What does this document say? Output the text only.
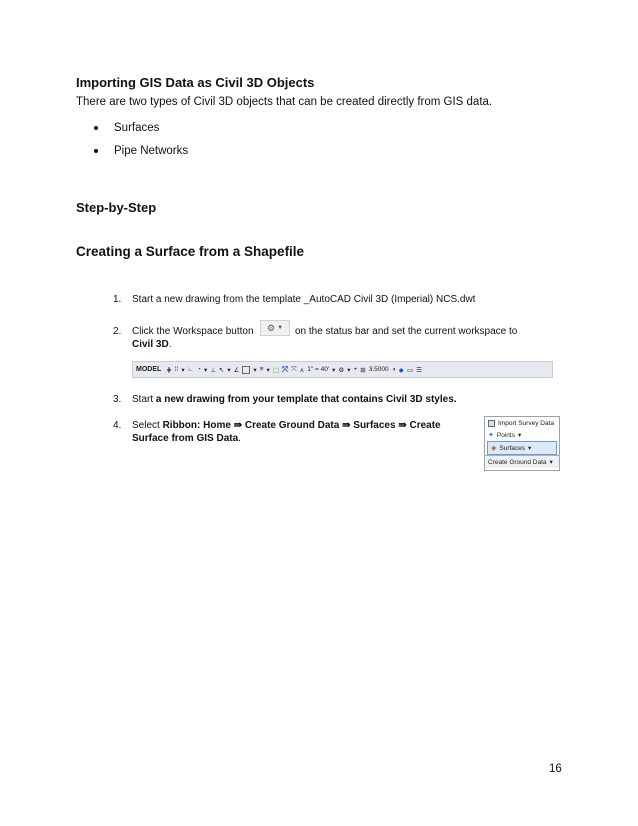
Importing GIS Data as Civil 3D Objects
There are two types of Civil 3D objects that can be created directly from GIS data.
Surfaces
Pipe Networks
Step-by-Step
Creating a Surface from a Shapefile
1. Start a new drawing from the template _AutoCAD Civil 3D (Imperial) NCS.dwt
2. Click the Workspace button ⚙ ▼ on the status bar and set the current workspace to
Civil 3D.
MODEL ⋕ ⁞⁞ ▾ ∟ ◔ ▾ ⊥ ↖ ▾ ∠ ▾ ≡ ▾ ⬚ ⤧ ⤧ ⋏ 1" = 40' ▾ ⚙ ▾ + ⊞ 3.5000 ◑ ● ▭ ☰
3. Start a new drawing from your template that contains Civil 3D styles.
4. Select Ribbon: Home ⇛ Create Ground Data ⇛ Surfaces ⇛ Create
Surface from GIS Data.
Import Survey Data
✦ Points ▾
◈ Surfaces ▾
Create Ground Data ▾
16
